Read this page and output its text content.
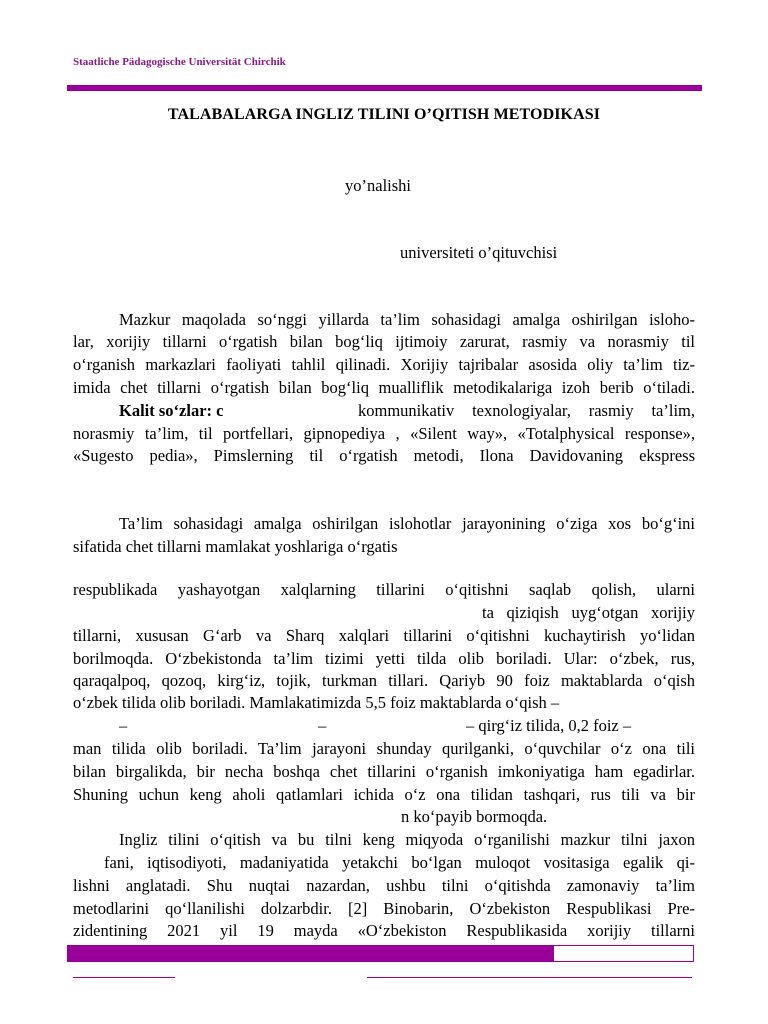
Staatliche Pädagogische Universität Chirchik
TALABALARGA INGLIZ TILINI O’QITISH METODIKASI
yo’nalishi
universiteti o’qituvchisi
Mazkur maqolada so‘nggi yillarda ta’lim sohasidagi amalga oshirilgan isloho-
lar, xorijiy tillarni o‘rgatish bilan bog‘liq ijtimoiy zarurat, rasmiy va norasmiy til
o‘rganish markazlari faoliyati tahlil qilinadi. Xorijiy tajribalar asosida oliy ta’lim tiz-
imida chet tillarni o‘rgatish bilan bog‘liq mualliflik metodikalariga izoh berib o‘tiladi.
Kalit so‘zlar: c	kommunikativ texnologiyalar, rasmiy ta’lim,
norasmiy ta’lim, til portfellari, gipnopediya , «Silent way», «Totalphysical response»,
«Sugesto pedia», Pimslerning til o‘rgatish metodi, Ilona Davidovaning ekspress
Ta’lim sohasidagi amalga oshirilgan islohotlar jarayonining o‘ziga xos bo‘g‘ini
sifatida chet tillarni mamlakat yoshlariga o‘rgatis
respublikada yashayotgan xalqlarning tillarini o‘qitishni saqlab qolish, ularni
ta qiziqish uyg‘otgan xorijiy
tillarni, xususan G‘arb va Sharq xalqlari tillarini o‘qitishni kuchaytirish yo‘lidan
borilmoqda. O‘zbekistonda ta’lim tizimi yetti tilda olib boriladi. Ular: o‘zbek, rus,
qaraqalpoq, qozoq, kirg‘iz, tojik, turkman tillari. Qariyb 90 foiz maktablarda o‘qish
o‘zbek tilida olib boriladi. Mamlakatimizda 5,5 foiz maktablarda o‘qish –
–	–	– qirg‘iz tilida, 0,2 foiz –
man tilida olib boriladi. Ta’lim jarayoni shunday qurilganki, o‘quvchilar o‘z ona tili
bilan birgalikda, bir necha boshqa chet tillarini o‘rganish imkoniyatiga ham egadirlar.
Shuning uchun keng aholi qatlamlari ichida o‘z ona tilidan tashqari, rus tili va bir
n ko‘payib bormoqda.
Ingliz tilini o‘qitish va bu tilni keng miqyoda o‘rganilishi mazkur tilni jaxon
fani, iqtisodiyoti, madaniyatida yetakchi bo‘lgan muloqot vositasiga egalik qi-
lishni anglatadi. Shu nuqtai nazardan, ushbu tilni o‘qitishda zamonaviy ta’lim
metodlarini qo‘llanilishi dolzarbdir. [2] Binobarin, O‘zbekiston Respublikasi Pre-
zidentining 2021 yil 19 mayda «O‘zbekiston Respublikasida xorijiy tillarni
